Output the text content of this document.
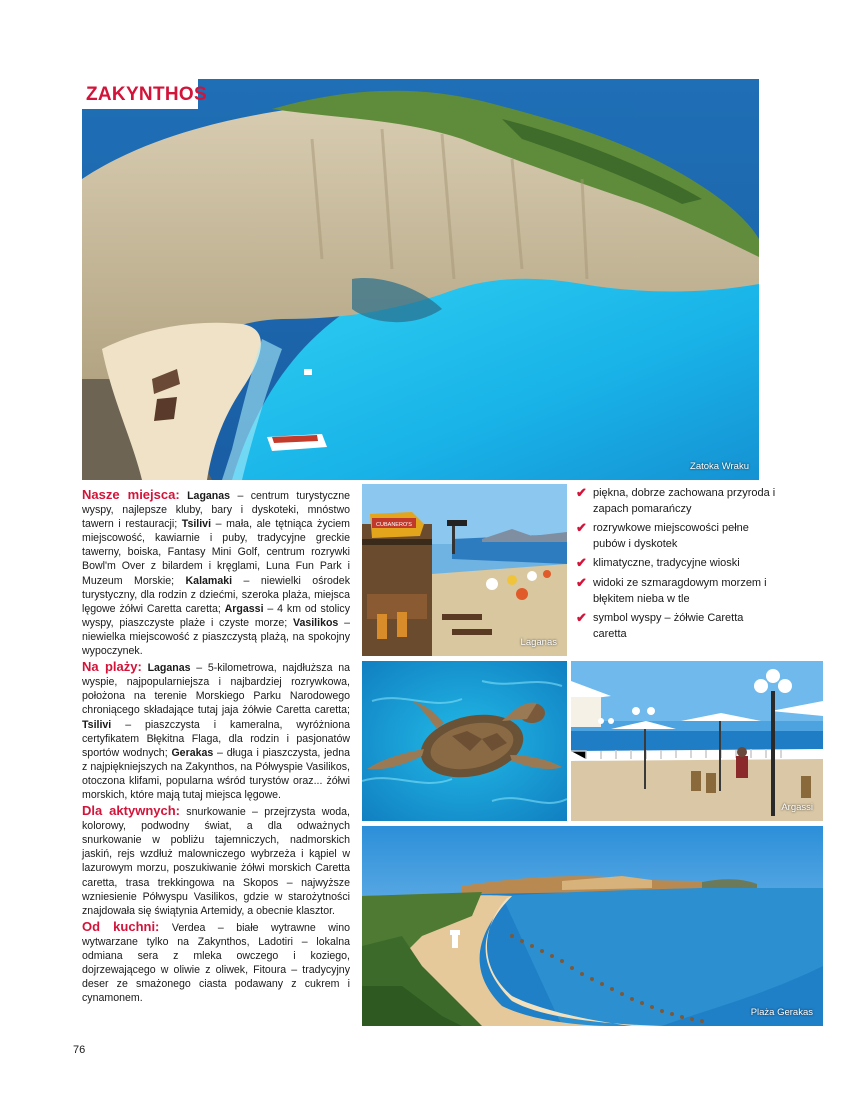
Zatoka Wraku
ZAKYNTHOS
CUBANERO'S
Laganas
✔ piękna, dobrze zachowana przyroda i zapach pomarańczy
✔ rozrywkowe miejscowości pełne pubów i dyskotek
✔ klimatyczne, tradycyjne wioski
✔ widoki ze szmaragdowym morzem i błękitem nieba w tle
✔ symbol wyspy – żółwie Caretta caretta
Argassi
Plaża Gerakas

Nasze miejsca: Laganas – centrum turystyczne wyspy, najlepsze kluby, bary i dyskoteki, mnóstwo tawern i restauracji; Tsilivi – mała, ale tętniąca życiem miejscowość, kawiarnie i puby, tradycyjne greckie tawerny, boiska, Fantasy Mini Golf, centrum rozrywki Bowl'm Over z bilardem i kręglami, Luna Fun Park i Muzeum Morskie; Kalamaki – niewielki ośrodek turystyczny, dla rodzin z dziećmi, szeroka plaża, miejsca lęgowe żółwi Caretta caretta; Argassi – 4 km od stolicy wyspy, piaszczyste plaże i czyste morze; Vasilikos – niewielka miejscowość z piaszczystą plażą, na spokojny wypoczynek.

Na plaży: Laganas – 5-kilometrowa, najdłuższa na wyspie, najpopularniejsza i najbardziej rozrywkowa, położona na terenie Morskiego Parku Narodowego chroniącego składające tutaj jaja żółwie Caretta caretta; Tsilivi – piaszczysta i kameralna, wyróżniona certyfikatem Błękitna Flaga, dla rodzin i pasjonatów sportów wodnych; Gerakas – długa i piaszczysta, jedna z najpiękniejszych na Zakynthos, na Półwyspie Vasilikos, otoczona klifami, popularna wśród turystów oraz... żółwi morskich, które mają tutaj miejsca lęgowe.

Dla aktywnych: snurkowanie – przejrzysta woda, kolorowy, podwodny świat, a dla odważnych snurkowanie w pobliżu tajemniczych, nadmorskich jaskiń, rejs wzdłuż malowniczego wybrzeża i kąpiel w lazurowym morzu, poszukiwanie żółwi morskich Caretta caretta, trasa trekkingowa na Skopos – najwyższe wzniesienie Półwyspu Vasilikos, gdzie w starożytności znajdowała się świątynia Artemidy, a obecnie klasztor.

Od kuchni: Verdea – białe wytrawne wino wytwarzane tylko na Zakynthos, Ladotiri – lokalna odmiana sera z mleka owczego i koziego, dojrzewającego w oliwie z oliwek, Fitoura – tradycyjny deser ze smażonego ciasta podawany z cukrem i cynamonem.

76
